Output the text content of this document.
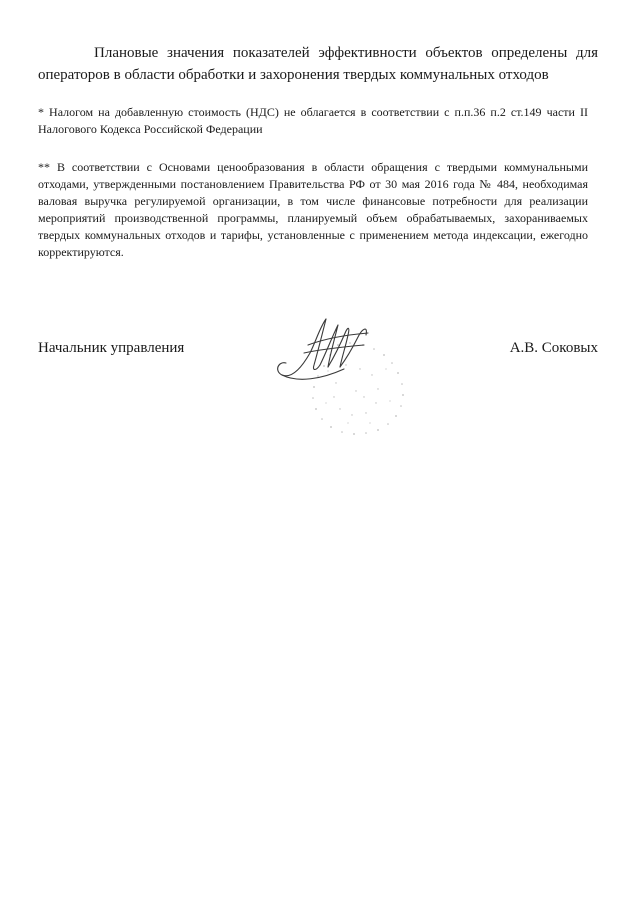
Плановые значения показателей эффективности объектов определены для
операторов в области обработки и захоронения твердых коммунальных отходов
* Налогом на добавленную стоимость (НДС) не облагается в соответствии с п.п.36 п.2 ст.149 части II Налогового Кодекса Российской Федерации
** В соответствии с Основами ценообразования в области обращения с твердыми коммунальными отходами, утвержденными постановлением Правительства РФ от 30 мая 2016 года № 484, необходимая валовая выручка регулируемой организации, в том числе финансовые потребности для реализации мероприятий производственной программы, планируемый объем обрабатываемых, захораниваемых твердых коммунальных отходов и тарифы, установленные с применением метода индексации, ежегодно корректируются.
Начальник управления	А.В. Соковых
